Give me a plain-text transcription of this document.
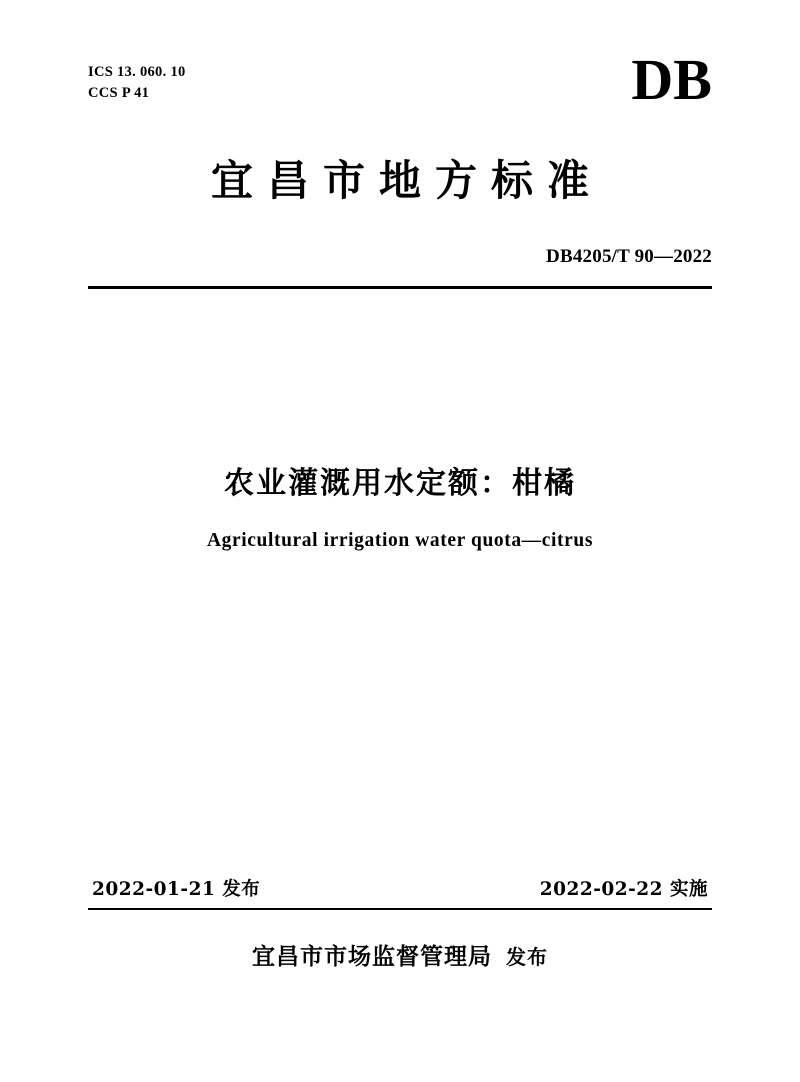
ICS 13. 060. 10
CCS P 41	DB
宜昌市地方标准
DB4205/T 90—2022
农业灌溉用水定额：柑橘
Agricultural irrigation water quota—citrus
2022-01-21 发布	2022-02-22 实施
宜昌市市场监督管理局 发布
